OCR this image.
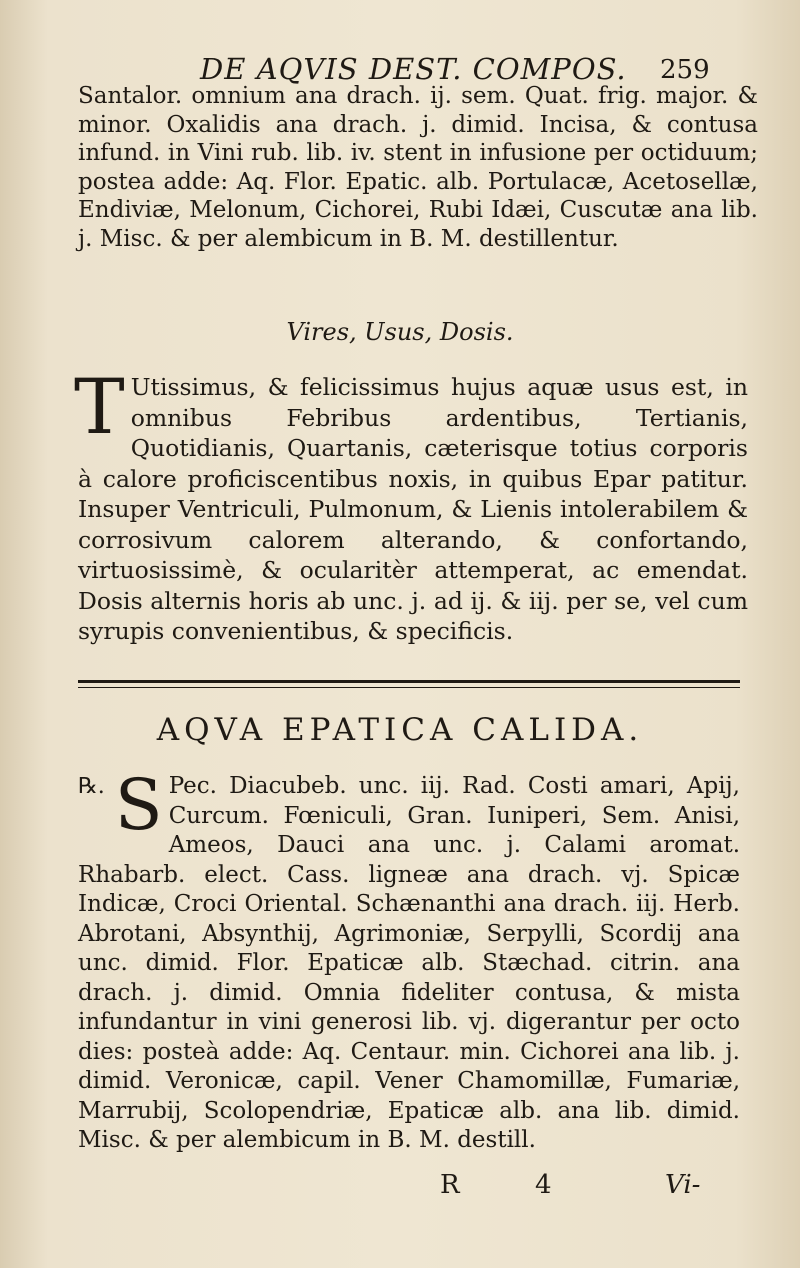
DE AQVIS DEST. COMPOS. 259
Santalor. omnium ana drach. ij. sem. Quat. frig. major. & minor. Oxalidis ana drach. j. dimid. Incisa, & contusa infund. in Vini rub. lib. iv. stent in infusione per octiduum; postea adde: Aq. Flor. Epatic. alb. Portulacæ, Acetosellæ, Endiviæ, Melonum, Cichorei, Rubi Idæi, Cuscutæ ana lib. j. Misc. & per alembicum in B. M. destillentur.
Vires, Usus, Dosis.
T Utissimus, & felicissimus hujus aquæ usus est, in omnibus Febribus ardentibus, Tertianis, Quotidianis, Quartanis, cæterisque totius corporis à calore proficiscentibus noxis, in quibus Epar patitur. Insuper Ventriculi, Pulmonum, & Lienis intolerabilem & corrosivum calorem alterando, & confortando, virtuosissimè, & ocularitèr attemperat, ac emendat. Dosis alternis horis ab unc. j. ad ij. & iij. per se, vel cum syrupis convenientibus, & specificis.
AQVA EPATICA CALIDA.
℞. S Pec. Diacubeb. unc. iij. Rad. Costi amari, Apij, Curcum. Fœniculi, Gran. Iuniperi, Sem. Anisi, Ameos, Dauci ana unc. j. Calami aromat. Rhabarb. elect. Cass. ligneæ ana drach. vj. Spicæ Indicæ, Croci Oriental. Schænanthi ana drach. iij. Herb. Abrotani, Absynthij, Agrimoniæ, Serpylli, Scordij ana unc. dimid. Flor. Epaticæ alb. Stæchad. citrin. ana drach. j. dimid. Omnia fideliter contusa, & mista infundantur in vini generosi lib. vj. digerantur per octo dies: posteà adde: Aq. Centaur. min. Cichorei ana lib. j. dimid. Veronicæ, capil. Vener Chamomillæ, Fumariæ, Marrubij, Scolopendriæ, Epaticæ alb. ana lib. dimid. Misc. & per alembicum in B. M. destill.
R	4	Vi-
